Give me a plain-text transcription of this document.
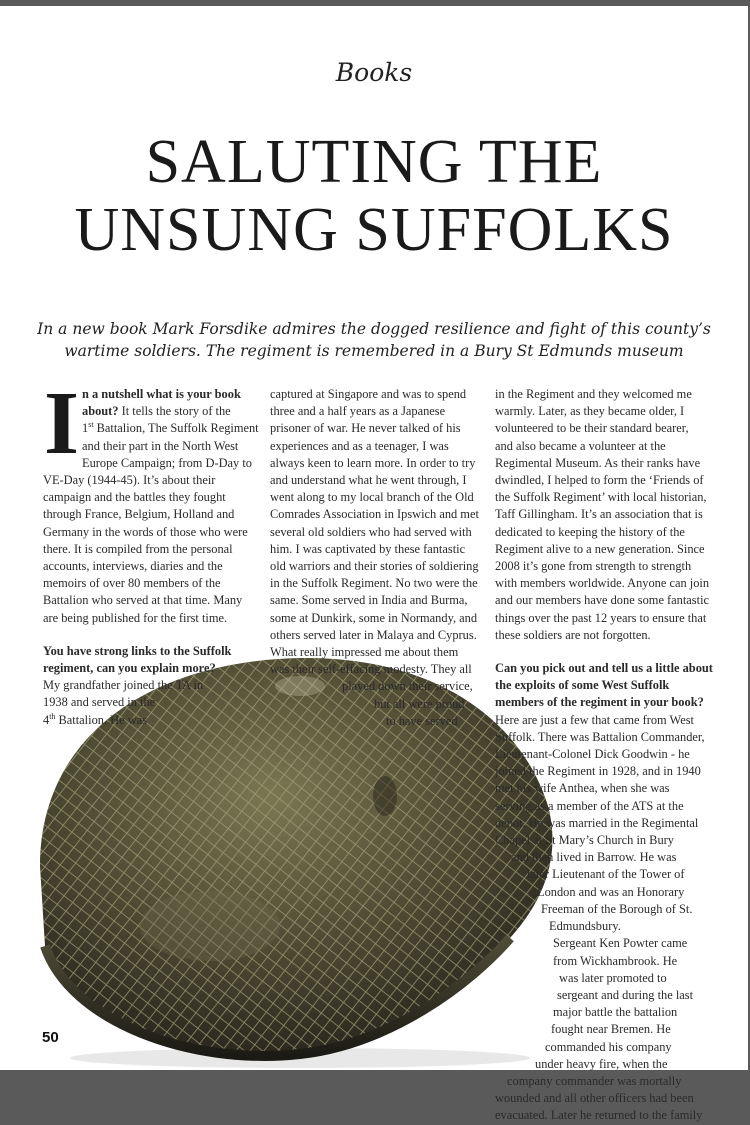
Books
SALUTING THE
UNSUNG SUFFOLKS
In a new book Mark Forsdike admires the dogged resilience and fight of this county’s
wartime soldiers. The regiment is remembered in a Bury St Edmunds museum
I n a nutshell what is your book

about? It tells the story of the

1st Battalion, The Suffolk Regiment

and their part in the North West

Europe Campaign; from D-Day to

VE-Day (1944-45). It’s about their

campaign and the battles they fought

through France, Belgium, Holland and

Germany in the words of those who were

there. It is compiled from the personal

accounts, interviews, diaries and the

memoirs of over 80 members of the

Battalion who served at that time. Many

are being published for the first time.

You have strong links to the Suffolk

regiment, can you explain more?

My grandfather joined the TA in

1938 and served in the

4th Battalion. He was

captured at Singapore and was to spend

three and a half years as a Japanese

prisoner of war. He never talked of his

experiences and as a teenager, I was

always keen to learn more. In order to try

and understand what he went through, I

went along to my local branch of the Old

Comrades Association in Ipswich and met

several old soldiers who had served with

him. I was captivated by these fantastic

old warriors and their stories of soldiering

in the Suffolk Regiment. No two were the

same. Some served in India and Burma,

some at Dunkirk, some in Normandy, and

others served later in Malaya and Cyprus.

What really impressed me about them

was their self-effacing modesty. They all

played down their service,

but all were proud

to have served

in the Regiment and they welcomed me

warmly. Later, as they became older, I

volunteered to be their standard bearer,

and also became a volunteer at the

Regimental Museum. As their ranks have

dwindled, I helped to form the ‘Friends of

the Suffolk Regiment’ with local historian,

Taff Gillingham. It’s an association that is

dedicated to keeping the history of the

Regiment alive to a new generation. Since

2008 it’s gone from strength to strength

with members worldwide. Anyone can join

and our members have done some fantastic

things over the past 12 years to ensure that

these soldiers are not forgotten.

Can you pick out and tell us a little about

the exploits of some West Suffolk

members of the regiment in your book?

Here are just a few that came from West

Suffolk. There was Battalion Commander,

Lieutenant-Colonel Dick Goodwin - he

joined the Regiment in 1928, and in 1940

met his wife Anthea, when she was

serving as a member of the ATS at the

depot. He was married in the Regimental

Chapel at St Mary’s Church in Bury

and then lived in Barrow. He was

later Lieutenant of the Tower of

London and was an Honorary

Freeman of the Borough of St.

Edmundsbury.

Sergeant Ken Powter came

from Wickhambrook. He

was later promoted to

sergeant and during the last

major battle the battalion

fought near Bremen. He

commanded his company

under heavy fire, when the

company commander was mortally

wounded and all other officers had been

evacuated. Later he returned to the family

50
